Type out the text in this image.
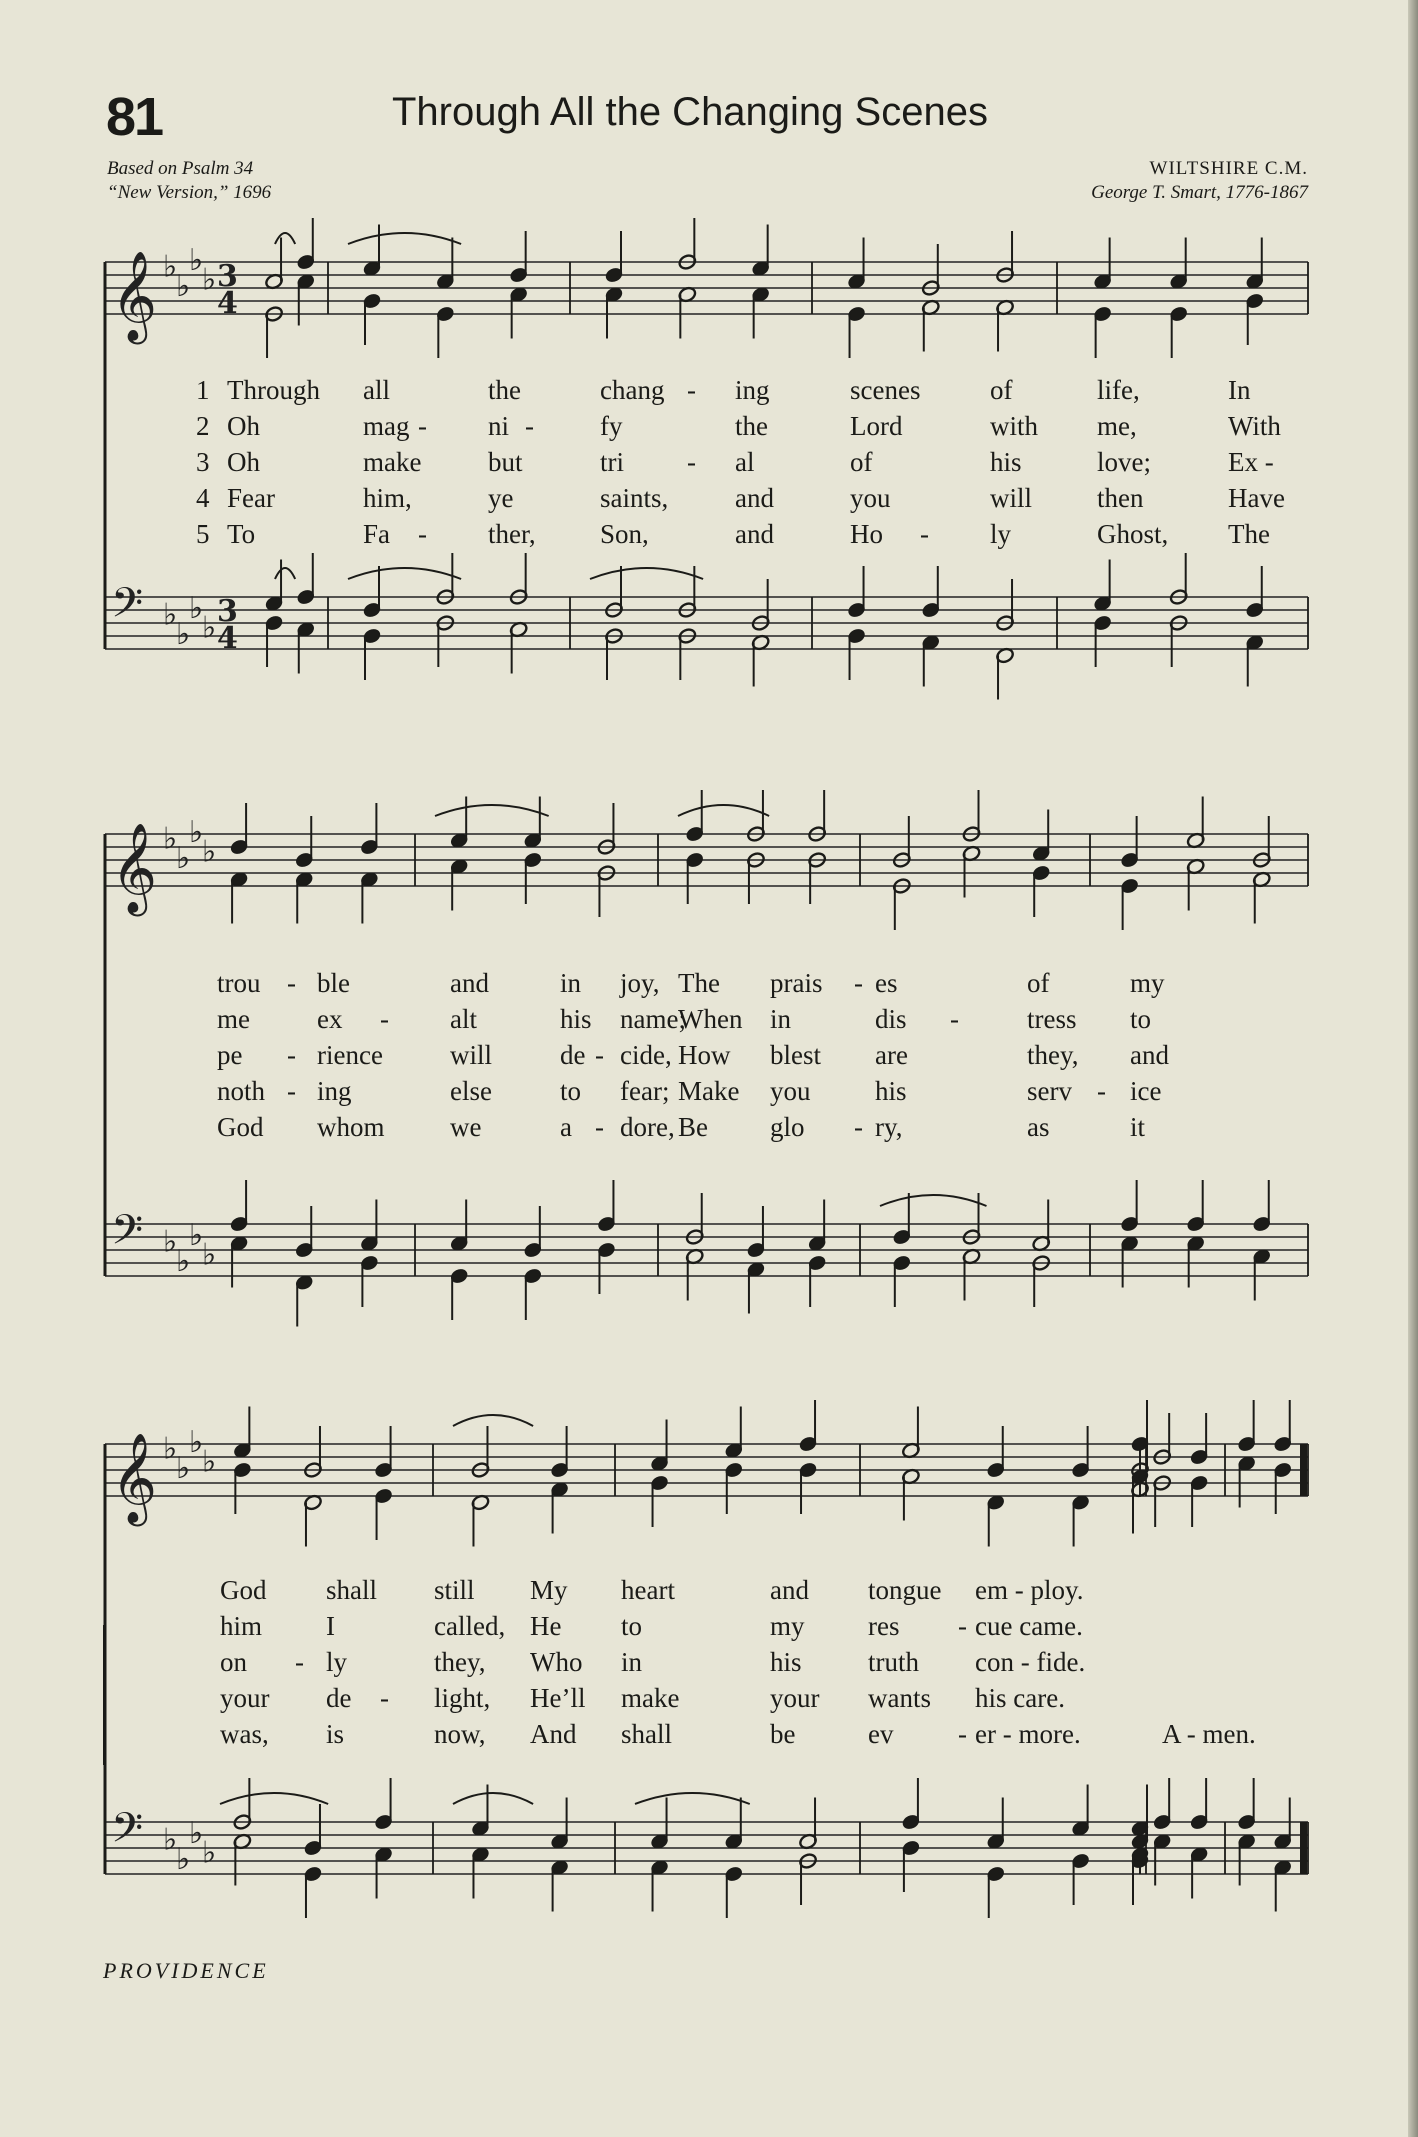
81	Through All the Changing Scenes
Based on Psalm 34
“New Version,” 1696
WILTSHIRE C.M.
George T. Smart, 1776-1867
𝄞 ♭
♭
♭
♭ 3
4
𝄢 ♭
♭
♭
♭ 3
4
𝄞 ♭
♭
♭
♭
𝄢 ♭
♭
♭
♭
𝄞 ♭
♭
♭
♭
𝄢 ♭
♭
♭
♭
1
2
3
4
5
Through
Oh
Oh
Fear
To
all
mag
make
him,
Fa
-
-
the
ni
but
ye
ther,
-
chang
fy
tri
saints,
Son,
-
-
ing
the
al
and
and
scenes
Lord
of
you
Ho -
of
with
his
will
ly
life,
me,
love;
then
Ghost,
In
With
Ex -
Have
The
trou
me
pe
noth
God
-
-
-
ble
ex
rience
ing
whom
-
and
alt
will
else
we
in
his
de
to
a
-
-
joy,
name;
cide,
fear;
dore,
The
When
How
Make
Be
prais
in
blest
you
glo
-
-
es
dis
are
his
ry,
-
of
tress
they,
serv
as
-
my
to
and
ice
it
God
him
on
your
was,
-
shall
I
ly
de
is
-
still
called,
they,
light,
now,
My
He
Who
He’ll
And
heart
to
in
make
shall
and
my
his
your
be
tongue
res
truth
wants
ev
-
-
em - ploy.
cue came.
con - fide.
his care.
er - more.	A - men.
PROVIDENCE
